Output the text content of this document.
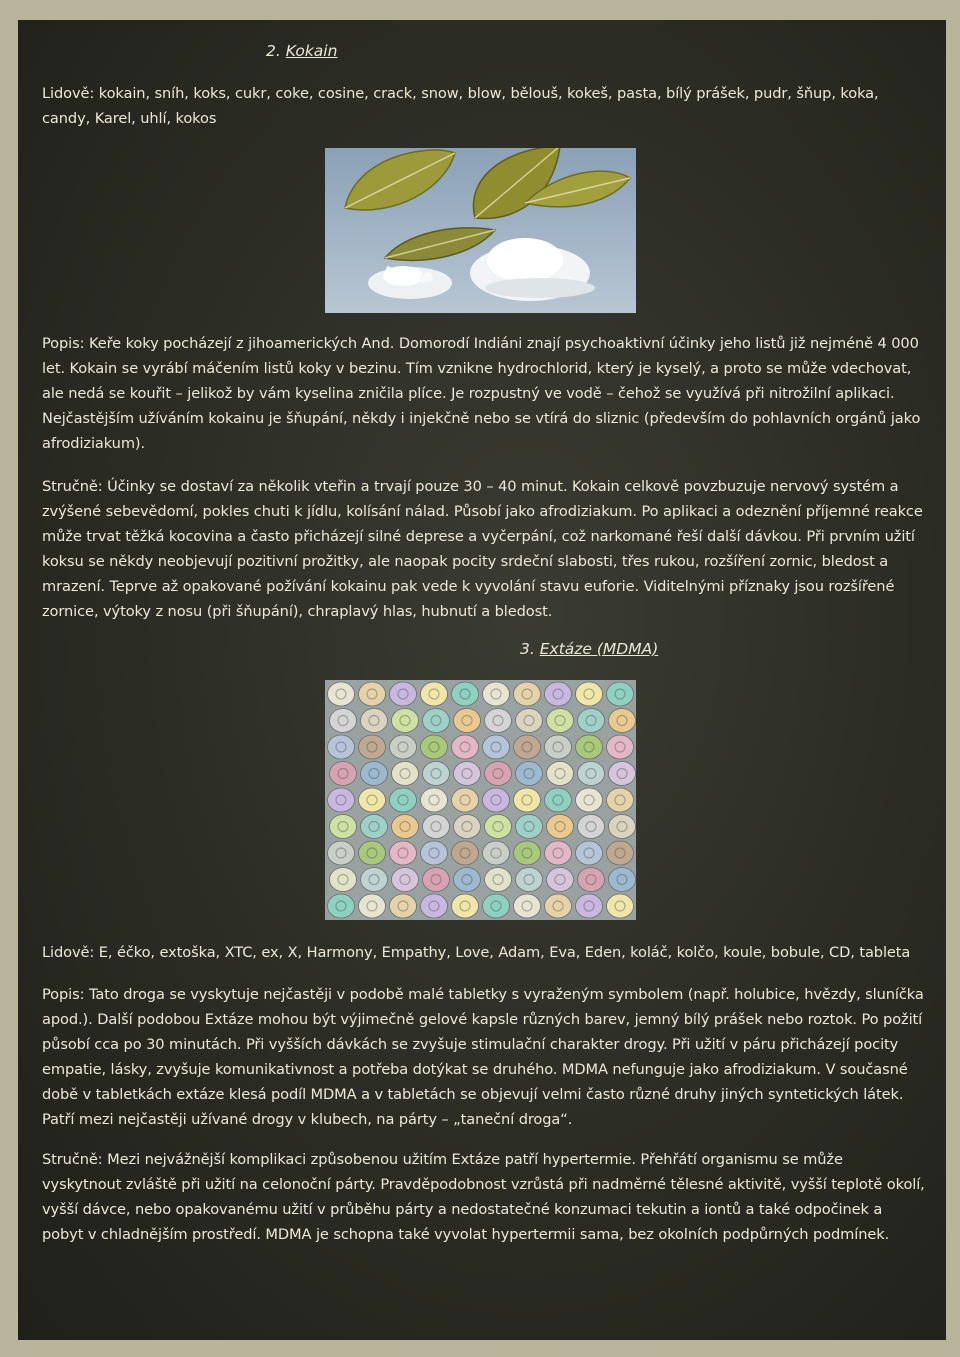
2. Kokain
Lidově: kokain, sníh, koks, cukr, coke, cosine, crack, snow, blow, bělouš, kokeš, pasta, bílý prášek, pudr, šňup, koka, candy, Karel, uhlí, kokos
Popis: Keře koky pocházejí z jihoamerických And. Domorodí Indiáni znají psychoaktivní účinky jeho listů již nejméně 4 000 let. Kokain se vyrábí máčením listů koky v bezinu. Tím vznikne hydrochlorid, který je kyselý, a proto se může vdechovat, ale nedá se kouřit – jelikož by vám kyselina zničila plíce. Je rozpustný ve vodě – čehož se využívá při nitrožilní aplikaci. Nejčastějším užíváním kokainu je šňupání, někdy i injekčně nebo se vtírá do sliznic (především do pohlavních orgánů jako afrodiziakum).
Stručně: Účinky se dostaví za několik vteřin a trvají pouze 30 – 40 minut. Kokain celkově povzbuzuje nervový systém a zvýšené sebevědomí, pokles chuti k jídlu, kolísání nálad. Působí jako afrodiziakum. Po aplikaci a odeznění příjemné reakce může trvat těžká kocovina a často přicházejí silné deprese a vyčerpání, což narkomané řeší další dávkou. Při prvním užití koksu se někdy neobjevují pozitivní prožitky, ale naopak pocity srdeční slabosti, třes rukou, rozšíření zornic, bledost a mrazení. Teprve až opakované požívání kokainu pak vede k vyvolání stavu euforie. Viditelnými příznaky jsou rozšířené zornice, výtoky z nosu (při šňupání), chraplavý hlas, hubnutí a bledost.
3. Extáze (MDMA)
Lidově: E, éčko, extoška, XTC, ex, X, Harmony, Empathy, Love, Adam, Eva, Eden, koláč, kolčo, koule, bobule, CD, tableta
Popis: Tato droga se vyskytuje nejčastěji v podobě malé tabletky s vyraženým symbolem (např. holubice, hvězdy, sluníčka apod.). Další podobou Extáze mohou být výjimečně gelové kapsle různých barev, jemný bílý prášek nebo roztok. Po požití působí cca po 30 minutách. Při vyšších dávkách se zvyšuje stimulační charakter drogy. Při užití v páru přicházejí pocity empatie, lásky, zvyšuje komunikativnost a potřeba dotýkat se druhého. MDMA nefunguje jako afrodiziakum. V současné době v tabletkách extáze klesá podíl MDMA a v tabletách se objevují velmi často různé druhy jiných syntetických látek. Patří mezi nejčastěji užívané drogy v klubech, na párty – „taneční droga“.
Stručně: Mezi nejvážnější komplikaci způsobenou užitím Extáze patří hypertermie. Přehřátí organismu se může vyskytnout zvláště při užití na celonoční párty. Pravděpodobnost vzrůstá při nadměrné tělesné aktivitě, vyšší teplotě okolí, vyšší dávce, nebo opakovanému užití v průběhu párty a nedostatečné konzumaci tekutin a iontů a také odpočinek a pobyt v chladnějším prostředí. MDMA je schopna také vyvolat hypertermii sama, bez okolních podpůrných podmínek.
